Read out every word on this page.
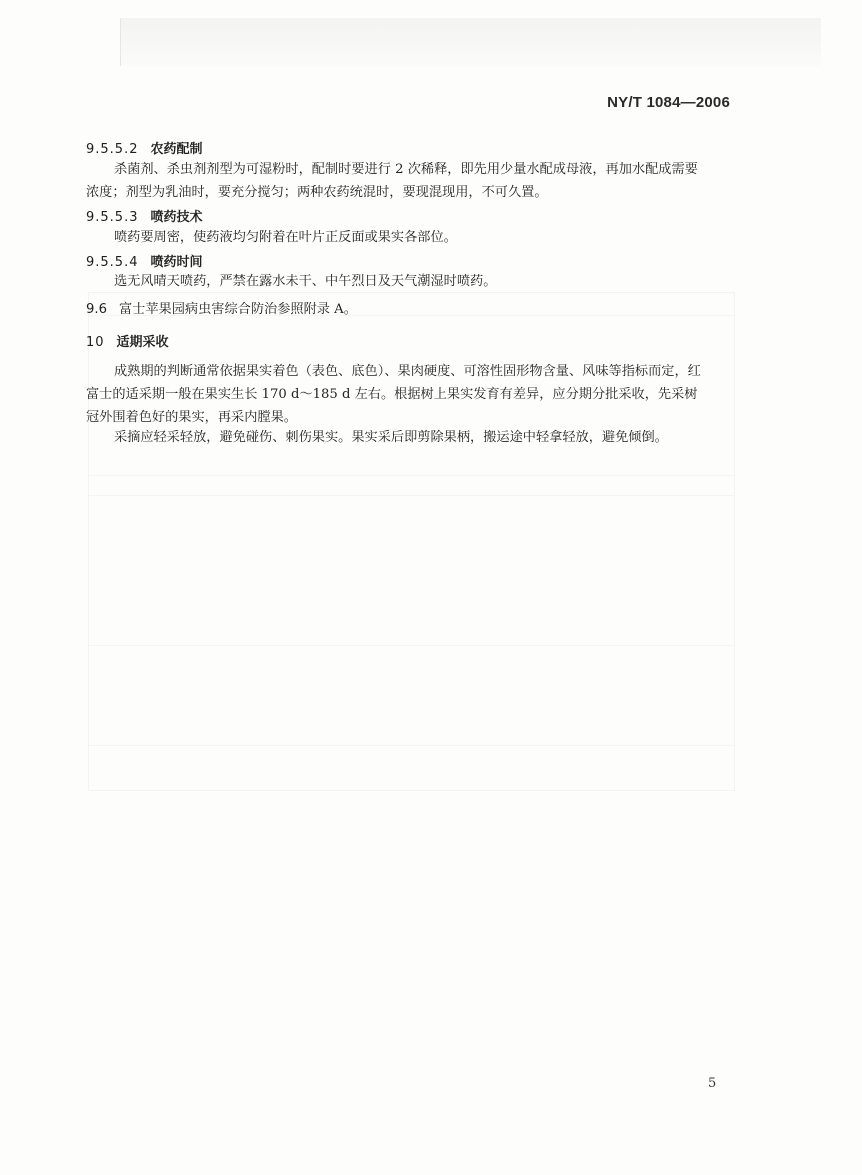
NY/T 1084—2006
9.5.5.2 农药配制
杀菌剂、杀虫剂剂型为可湿粉时，配制时要进行 2 次稀释，即先用少量水配成母液，再加水配成需要
浓度；剂型为乳油时，要充分搅匀；两种农药统混时，要现混现用，不可久置。
9.5.5.3 喷药技术
喷药要周密，使药液均匀附着在叶片正反面或果实各部位。
9.5.5.4 喷药时间
选无风晴天喷药，严禁在露水未干、中午烈日及天气潮湿时喷药。
9.6 富士苹果园病虫害综合防治参照附录 A。
10 适期采收
成熟期的判断通常依据果实着色（表色、底色）、果肉硬度、可溶性固形物含量、风味等指标而定，红
富士的适采期一般在果实生长 170 d～185 d 左右。根据树上果实发育有差异，应分期分批采收，先采树
冠外围着色好的果实，再采内膛果。
采摘应轻采轻放，避免碰伤、刺伤果实。果实采后即剪除果柄，搬运途中轻拿轻放，避免倾倒。
5
